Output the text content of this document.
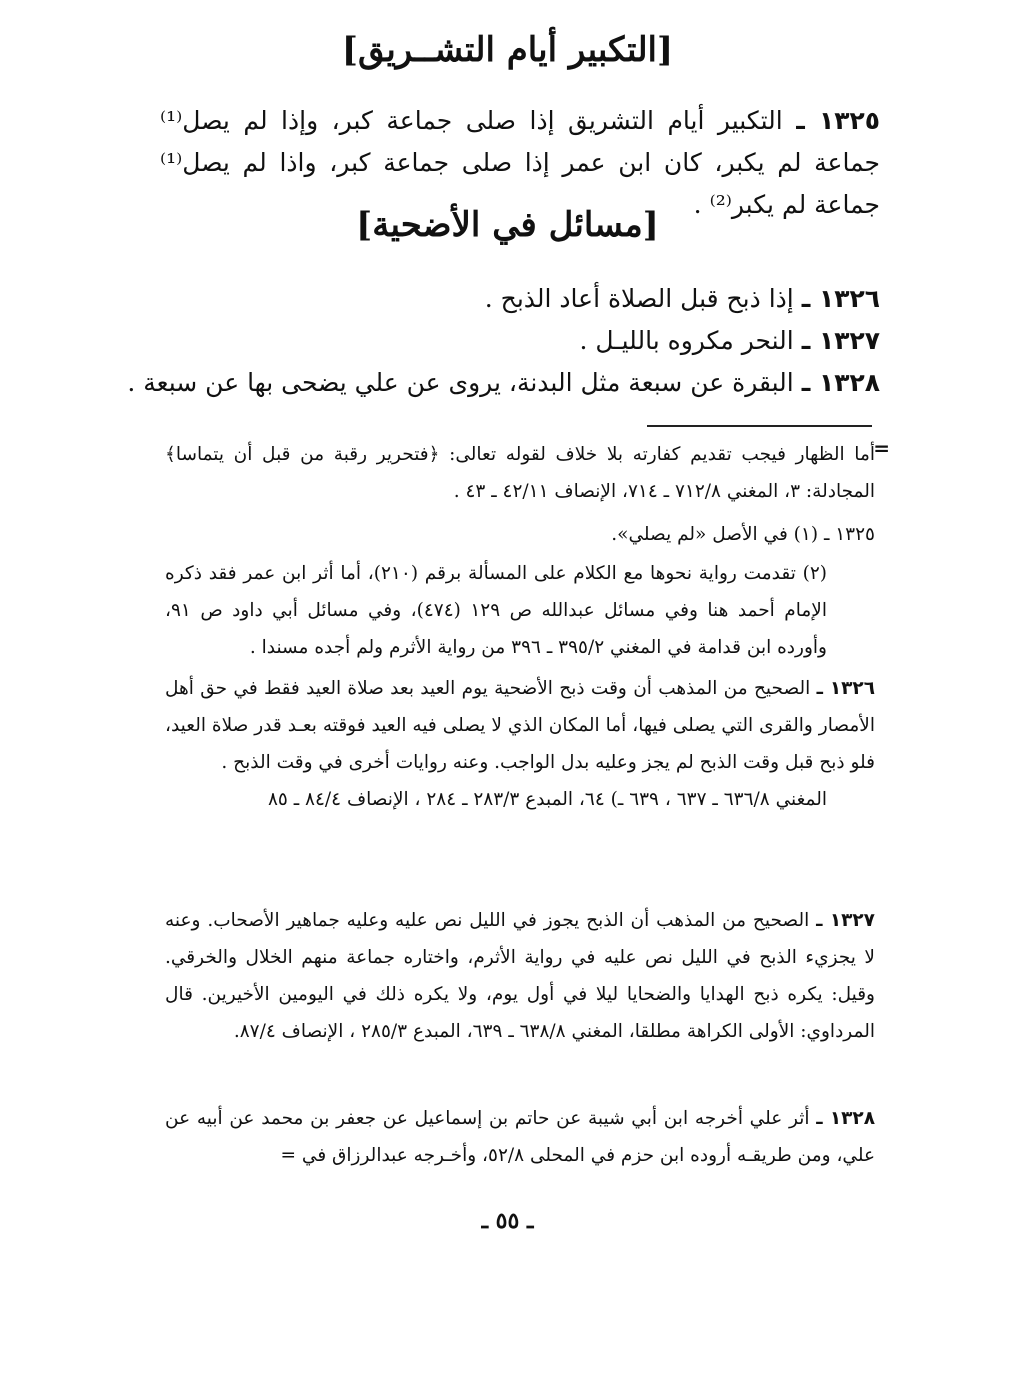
[التكبير أيام التشــريق]
١٣٢٥ ـ التكبير أيام التشريق إذا صلى جماعة كبر، وإذا لم يصل⁽¹⁾ جماعة لم يكبر، كان ابن عمر إذا صلى جماعة كبر، واذا لم يصل⁽¹⁾ جماعة لم يكبر⁽²⁾ .
[مسائل في الأضحية]
١٣٢٦ ـ إذا ذبح قبل الصلاة أعاد الذبح .
١٣٢٧ ـ النحر مكروه بالليـل .
١٣٢٨ ـ البقرة عن سبعة مثل البدنة، يروى عن علي يضحى بها عن سبعة .
=
أما الظهار فيجب تقديم كفارته بلا خلاف لقوله تعالى: ﴿فتحرير رقبة من قبل أن يتماسا﴾ المجادلة: ٣، المغني ٧١٢/٨ ـ ٧١٤، الإنصاف ٤٢/١١ ـ ٤٣ .
١٣٢٥ ـ (١) في الأصل «لم يصلي».
(٢) تقدمت رواية نحوها مع الكلام على المسألة برقم (٢١٠)، أما أثر ابن عمر فقد ذكره الإمام أحمد هنا وفي مسائل عبدالله ص ١٢٩ (٤٧٤)، وفي مسائل أبي داود ص ٩١، وأورده ابن قدامة في المغني ٣٩٥/٢ ـ ٣٩٦ من رواية الأثرم ولم أجده مسندا .
١٣٢٦ ـ الصحيح من المذهب أن وقت ذبح الأضحية يوم العيد بعد صلاة العيد فقط في حق أهل الأمصار والقرى التي يصلى فيها، أما المكان الذي لا يصلى فيه العيد فوقته بعـد قدر صلاة العيد، فلو ذبح قبل وقت الذبح لم يجز وعليه بدل الواجب. وعنه روايات أخرى في وقت الذبح .
المغني ٦٣٦/٨ ـ ٦٣٧ ، ٦٣٩ ـ) ٦٤، المبدع ٢٨٣/٣ ـ ٢٨٤ ، الإنصاف ٨٤/٤ ـ ٨٥
١٣٢٧ ـ الصحيح من المذهب أن الذبح يجوز في الليل نص عليه وعليه جماهير الأصحاب. وعنه لا يجزيء الذبح في الليل نص عليه في رواية الأثرم، واختاره جماعة منهم الخلال والخرقي. وقيل: يكره ذبح الهدايا والضحايا ليلا في أول يوم، ولا يكره ذلك في اليومين الأخيرين. قال المرداوي: الأولى الكراهة مطلقا، المغني ٦٣٨/٨ ـ ٦٣٩، المبدع ٢٨٥/٣ ، الإنصاف ٨٧/٤.
١٣٢٨ ـ أثر علي أخرجه ابن أبي شيبة عن حاتم بن إسماعيل عن جعفر بن محمد عن أبيه عن علي، ومن طريقـه أروده ابن حزم في المحلى ٥٢/٨، وأخـرجه عبدالرزاق في =
ـ ٥٥ ـ
